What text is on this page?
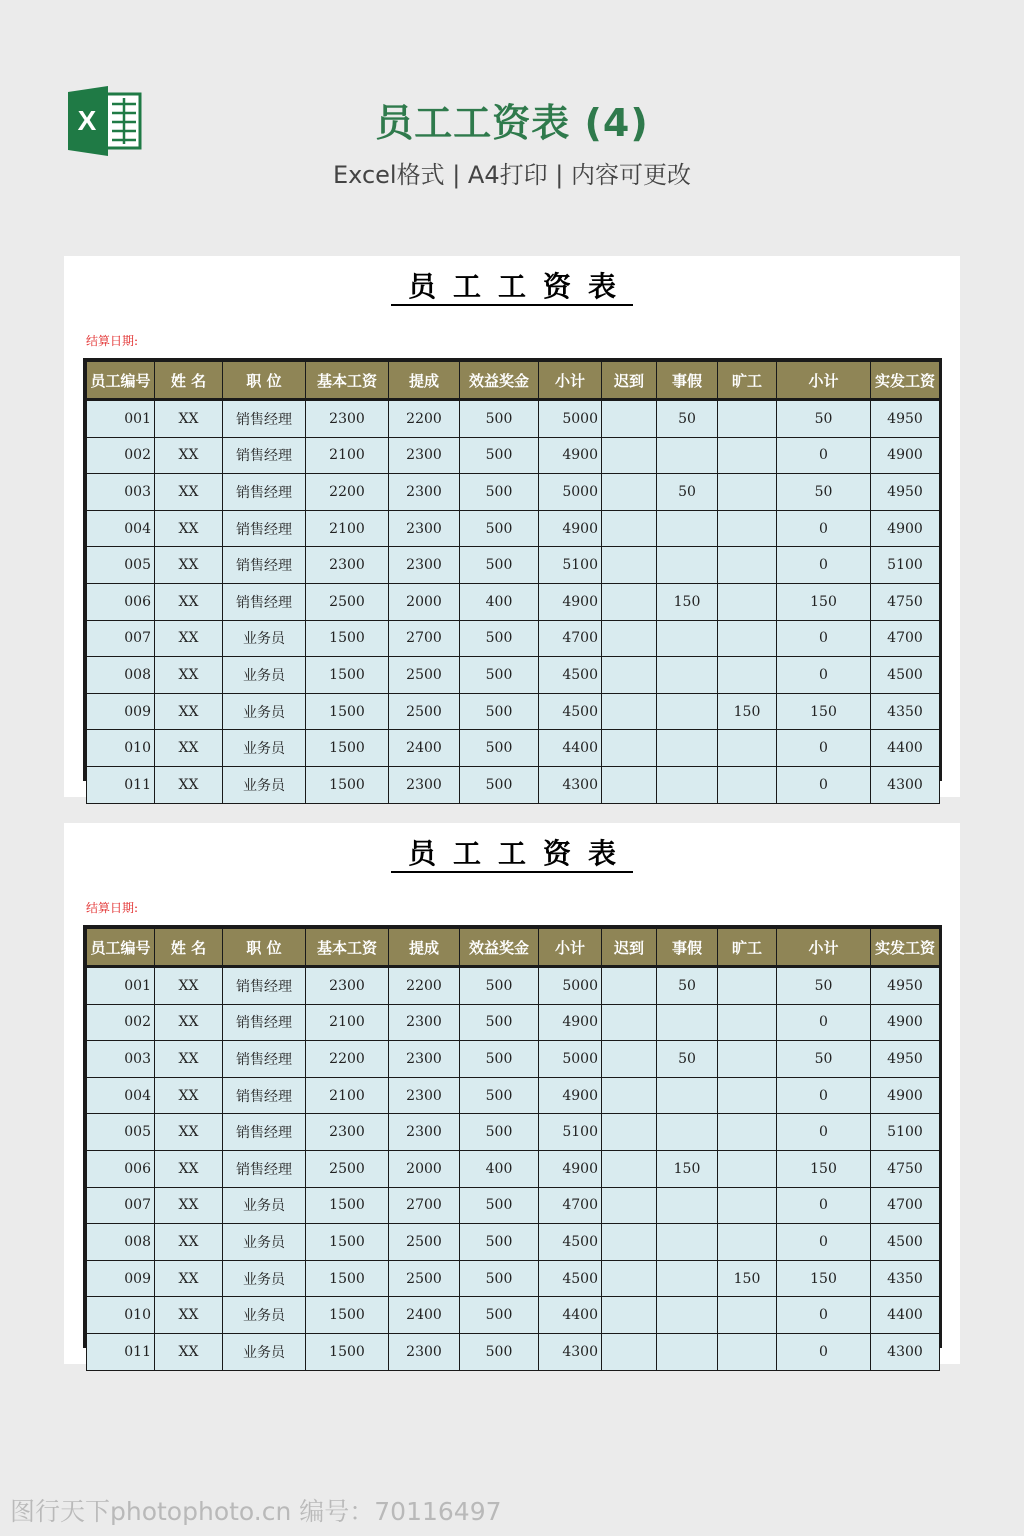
X	员工工资表 (4)
Excel格式 | A4打印 | 内容可更改
员工工资表
结算日期:
员工编号	姓 名	职 位	基本工资	提成	效益奖金	小计	迟到	事假	旷工	小计	实发工资
001	XX	销售经理	2300	2200	500	5000		50		50	4950
002	XX	销售经理	2100	2300	500	4900				0	4900
003	XX	销售经理	2200	2300	500	5000		50		50	4950
004	XX	销售经理	2100	2300	500	4900				0	4900
005	XX	销售经理	2300	2300	500	5100				0	5100
006	XX	销售经理	2500	2000	400	4900		150		150	4750
007	XX	业务员	1500	2700	500	4700				0	4700
008	XX	业务员	1500	2500	500	4500				0	4500
009	XX	业务员	1500	2500	500	4500			150	150	4350
010	XX	业务员	1500	2400	500	4400				0	4400
011	XX	业务员	1500	2300	500	4300				0	4300
员工工资表
结算日期:
员工编号	姓 名	职 位	基本工资	提成	效益奖金	小计	迟到	事假	旷工	小计	实发工资
001	XX	销售经理	2300	2200	500	5000		50		50	4950
002	XX	销售经理	2100	2300	500	4900				0	4900
003	XX	销售经理	2200	2300	500	5000		50		50	4950
004	XX	销售经理	2100	2300	500	4900				0	4900
005	XX	销售经理	2300	2300	500	5100				0	5100
006	XX	销售经理	2500	2000	400	4900		150		150	4750
007	XX	业务员	1500	2700	500	4700				0	4700
008	XX	业务员	1500	2500	500	4500				0	4500
009	XX	业务员	1500	2500	500	4500			150	150	4350
010	XX	业务员	1500	2400	500	4400				0	4400
011	XX	业务员	1500	2300	500	4300				0	4300
图行天下photophoto.cn 编号：70116497
